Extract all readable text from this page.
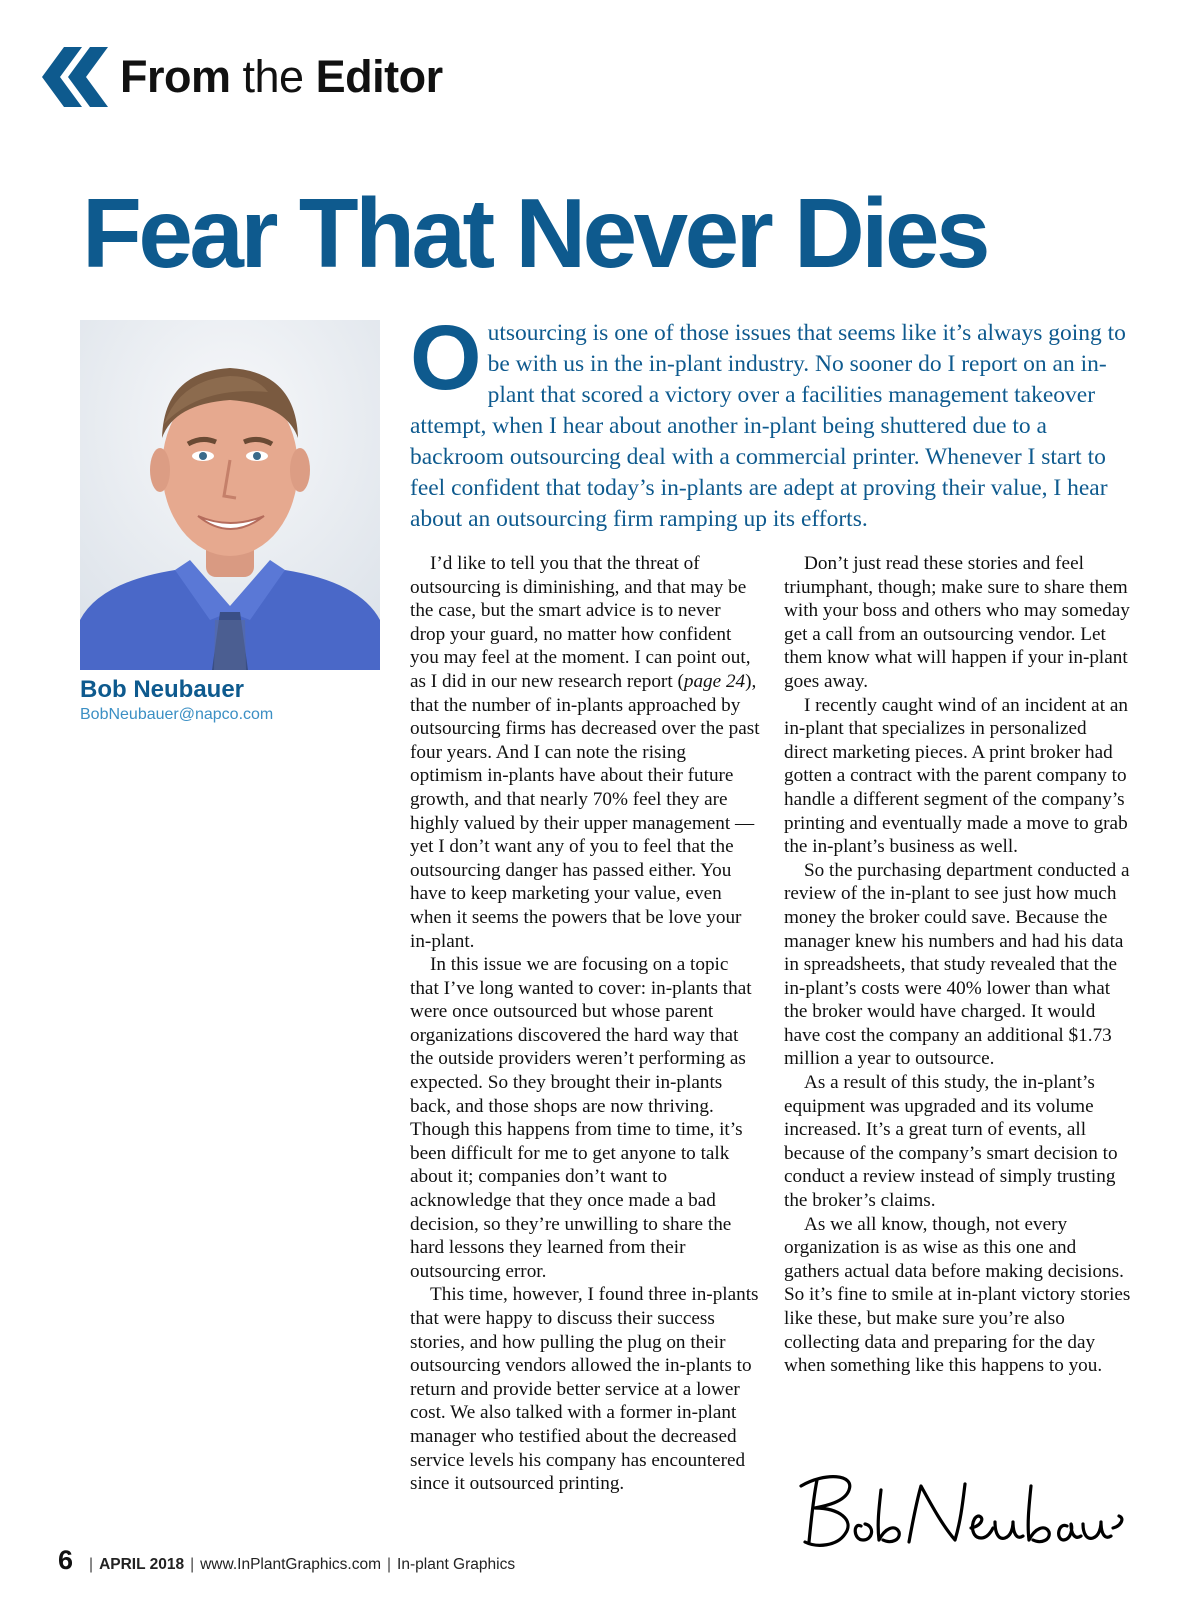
From the Editor
Fear That Never Dies
Bob Neubauer
BobNeubauer@napco.com

Outsourcing is one of those issues that seems like it’s always going to be with us in the in-plant industry. No sooner do I report on an in-plant that scored a victory over a facilities management takeover attempt, when I hear about another in-plant being shuttered due to a backroom outsourcing deal with a commercial printer. Whenever I start to feel confident that today’s in-plants are adept at proving their value, I hear about an outsourcing firm ramping up its efforts.

I’d like to tell you that the threat of outsourcing is diminishing, and that may be the case, but the smart advice is to never drop your guard, no matter how confident you may feel at the moment. I can point out, as I did in our new research report (page 24), that the number of in-plants approached by outsourcing firms has decreased over the past four years. And I can note the rising optimism in-plants have about their future growth, and that nearly 70% feel they are highly valued by their upper management — yet I don’t want any of you to feel that the outsourcing danger has passed either. You have to keep marketing your value, even when it seems the powers that be love your in-plant.

In this issue we are focusing on a topic that I’ve long wanted to cover: in-plants that were once outsourced but whose parent organizations discovered the hard way that the outside providers weren’t performing as expected. So they brought their in-plants back, and those shops are now thriving. Though this happens from time to time, it’s been difficult for me to get anyone to talk about it; companies don’t want to acknowledge that they once made a bad decision, so they’re unwilling to share the hard lessons they learned from their outsourcing error.

This time, however, I found three in-plants that were happy to discuss their success stories, and how pulling the plug on their outsourcing vendors allowed the in-plants to return and provide better service at a lower cost. We also talked with a former in-plant manager who testified about the decreased service levels his company has encountered since it outsourced printing.

Don’t just read these stories and feel triumphant, though; make sure to share them with your boss and others who may someday get a call from an outsourcing vendor. Let them know what will happen if your in-plant goes away.

I recently caught wind of an incident at an in-plant that specializes in personalized direct marketing pieces. A print broker had gotten a contract with the parent company to handle a different segment of the company’s printing and eventually made a move to grab the in-plant’s business as well.

So the purchasing department conducted a review of the in-plant to see just how much money the broker could save. Because the manager knew his numbers and had his data in spreadsheets, that study revealed that the in-plant’s costs were 40% lower than what the broker would have charged. It would have cost the company an additional $1.73 million a year to outsource.

As a result of this study, the in-plant’s equipment was upgraded and its volume increased. It’s a great turn of events, all because of the company’s smart decision to conduct a review instead of simply trusting the broker’s claims.

As we all know, though, not every organization is as wise as this one and gathers actual data before making decisions. So it’s fine to smile at in-plant victory stories like these, but make sure you’re also collecting data and preparing for the day when something like this happens to you.

6 | APRIL 2018 | www.InPlantGraphics.com | In-plant Graphics
